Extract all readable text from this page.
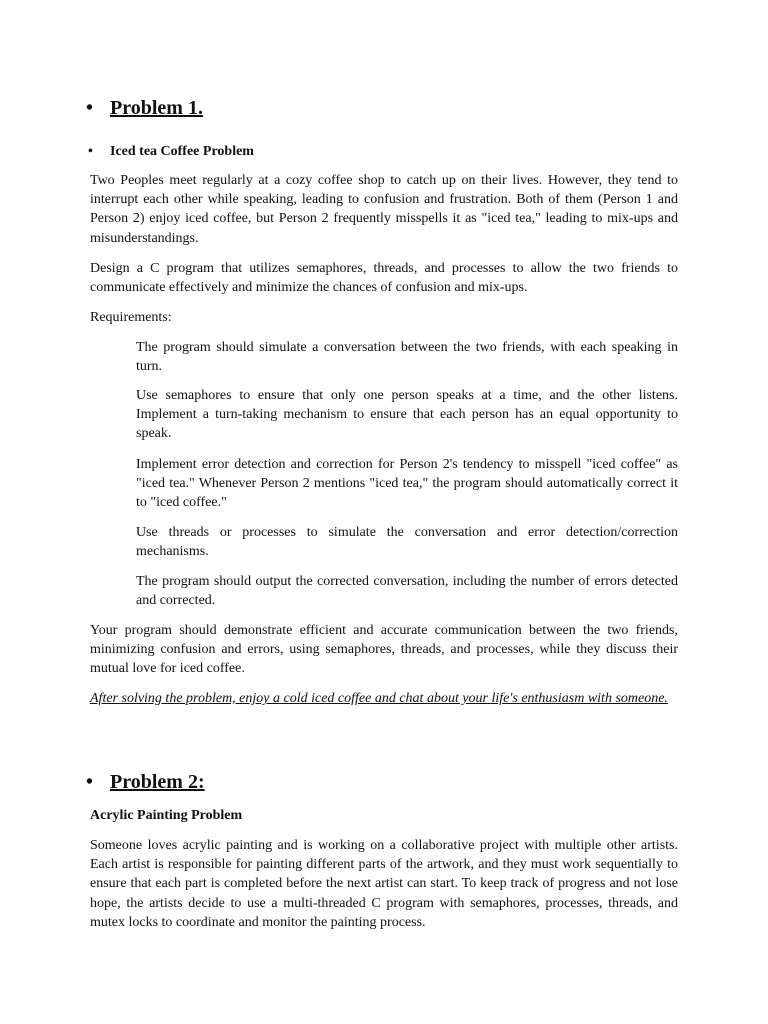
• Problem 1.
• Iced tea Coffee Problem
Two Peoples meet regularly at a cozy coffee shop to catch up on their lives. However, they tend to interrupt each other while speaking, leading to confusion and frustration. Both of them (Person 1 and Person 2) enjoy iced coffee, but Person 2 frequently misspells it as "iced tea," leading to mix-ups and misunderstandings.
Design a C program that utilizes semaphores, threads, and processes to allow the two friends to communicate effectively and minimize the chances of confusion and mix-ups.
Requirements:
The program should simulate a conversation between the two friends, with each speaking in turn.
Use semaphores to ensure that only one person speaks at a time, and the other listens. Implement a turn-taking mechanism to ensure that each person has an equal opportunity to speak.
Implement error detection and correction for Person 2's tendency to misspell "iced coffee" as "iced tea." Whenever Person 2 mentions "iced tea," the program should automatically correct it to "iced coffee."
Use threads or processes to simulate the conversation and error detection/correction mechanisms.
The program should output the corrected conversation, including the number of errors detected and corrected.
Your program should demonstrate efficient and accurate communication between the two friends, minimizing confusion and errors, using semaphores, threads, and processes, while they discuss their mutual love for iced coffee.
After solving the problem, enjoy a cold iced coffee and chat about your life's enthusiasm with someone.
• Problem 2:
Acrylic Painting Problem
Someone loves acrylic painting and is working on a collaborative project with multiple other artists. Each artist is responsible for painting different parts of the artwork, and they must work sequentially to ensure that each part is completed before the next artist can start. To keep track of progress and not lose hope, the artists decide to use a multi-threaded C program with semaphores, processes, threads, and mutex locks to coordinate and monitor the painting process.
